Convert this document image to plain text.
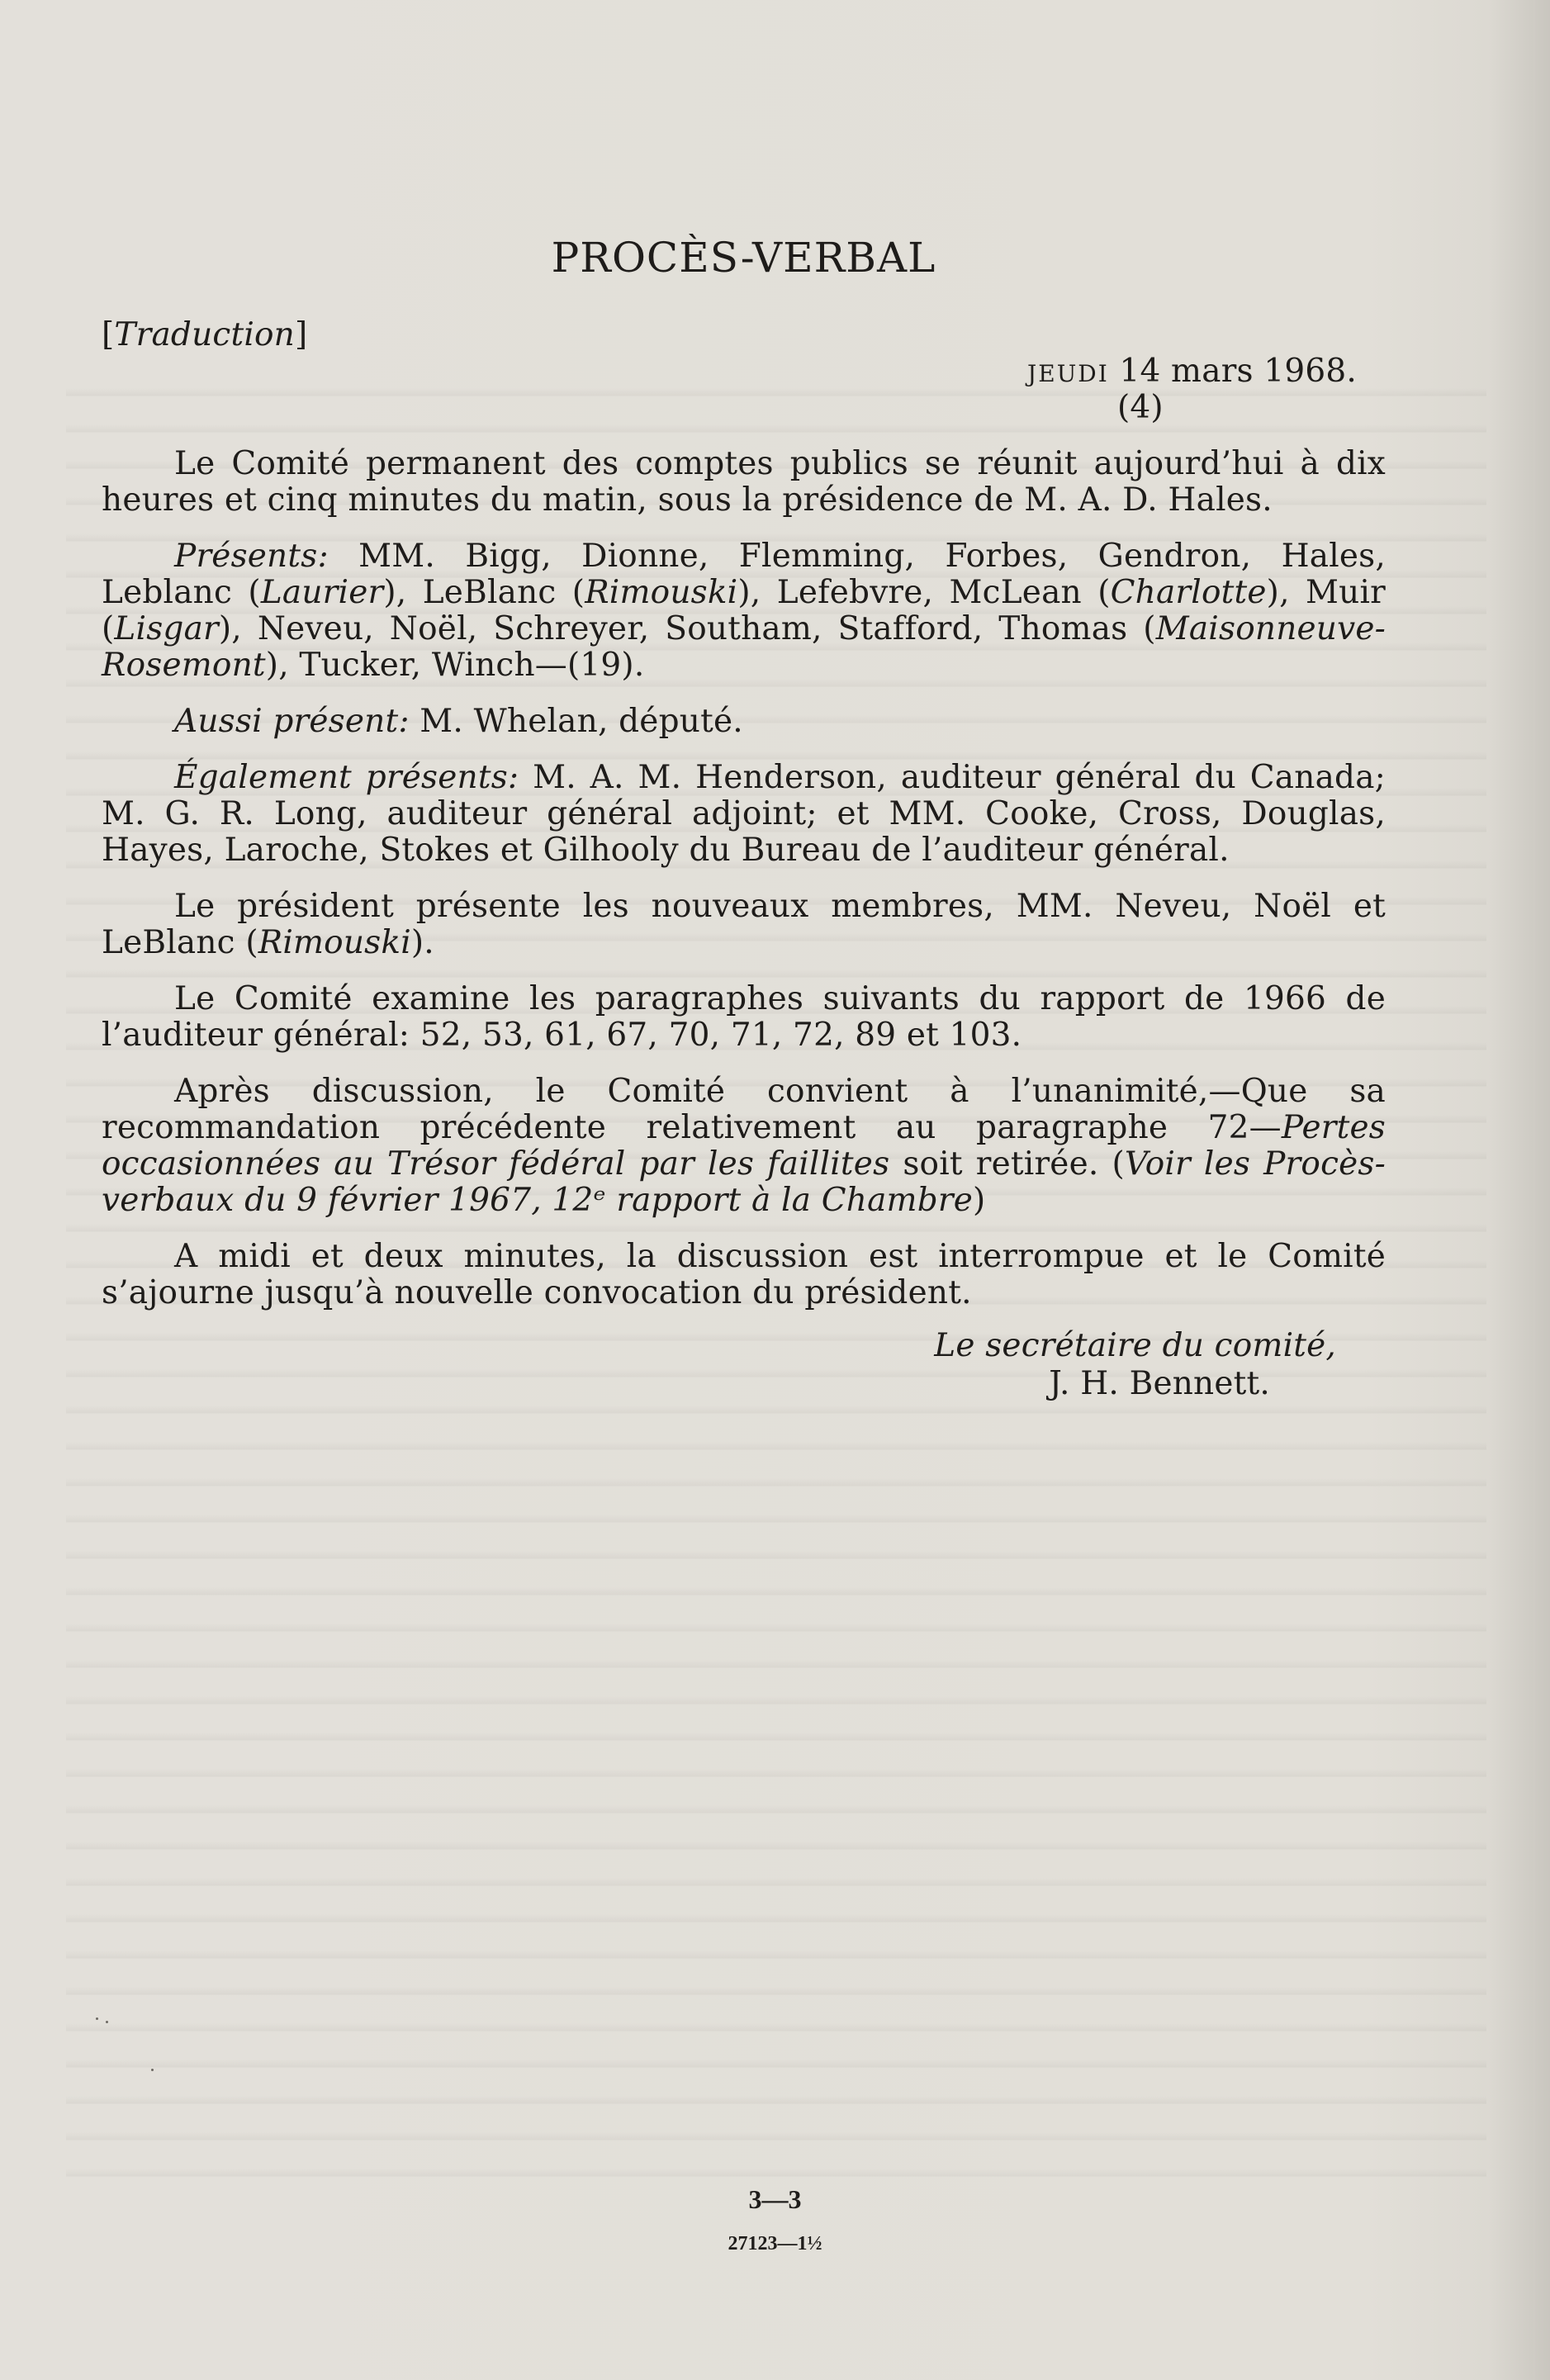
PROCÈS-VERBAL
[Traduction]
JEUDI 14 mars 1968.
(4)

Le Comité permanent des comptes publics se réunit aujourd’hui à dix heures et cinq minutes du matin, sous la présidence de M. A. D. Hales.

Présents: MM. Bigg, Dionne, Flemming, Forbes, Gendron, Hales, Leblanc (Laurier), LeBlanc (Rimouski), Lefebvre, McLean (Charlotte), Muir (Lisgar), Neveu, Noël, Schreyer, Southam, Stafford, Thomas (Maisonneuve-Rosemont), Tucker, Winch—(19).

Aussi présent: M. Whelan, député.

Également présents: M. A. M. Henderson, auditeur général du Canada; M. G. R. Long, auditeur général adjoint; et MM. Cooke, Cross, Douglas, Hayes, Laroche, Stokes et Gilhooly du Bureau de l’auditeur général.

Le président présente les nouveaux membres, MM. Neveu, Noël et LeBlanc (Rimouski).

Le Comité examine les paragraphes suivants du rapport de 1966 de l’auditeur général: 52, 53, 61, 67, 70, 71, 72, 89 et 103.

Après discussion, le Comité convient à l’unanimité,—Que sa recommandation précédente relativement au paragraphe 72—Pertes occasionnées au Trésor fédéral par les faillites soit retirée. (Voir les Procès-verbaux du 9 février 1967, 12ᵉ rapport à la Chambre)

A midi et deux minutes, la discussion est interrompue et le Comité s’ajourne jusqu’à nouvelle convocation du président.

Le secrétaire du comité,
J. H. Bennett.
3—3
27123—1½
